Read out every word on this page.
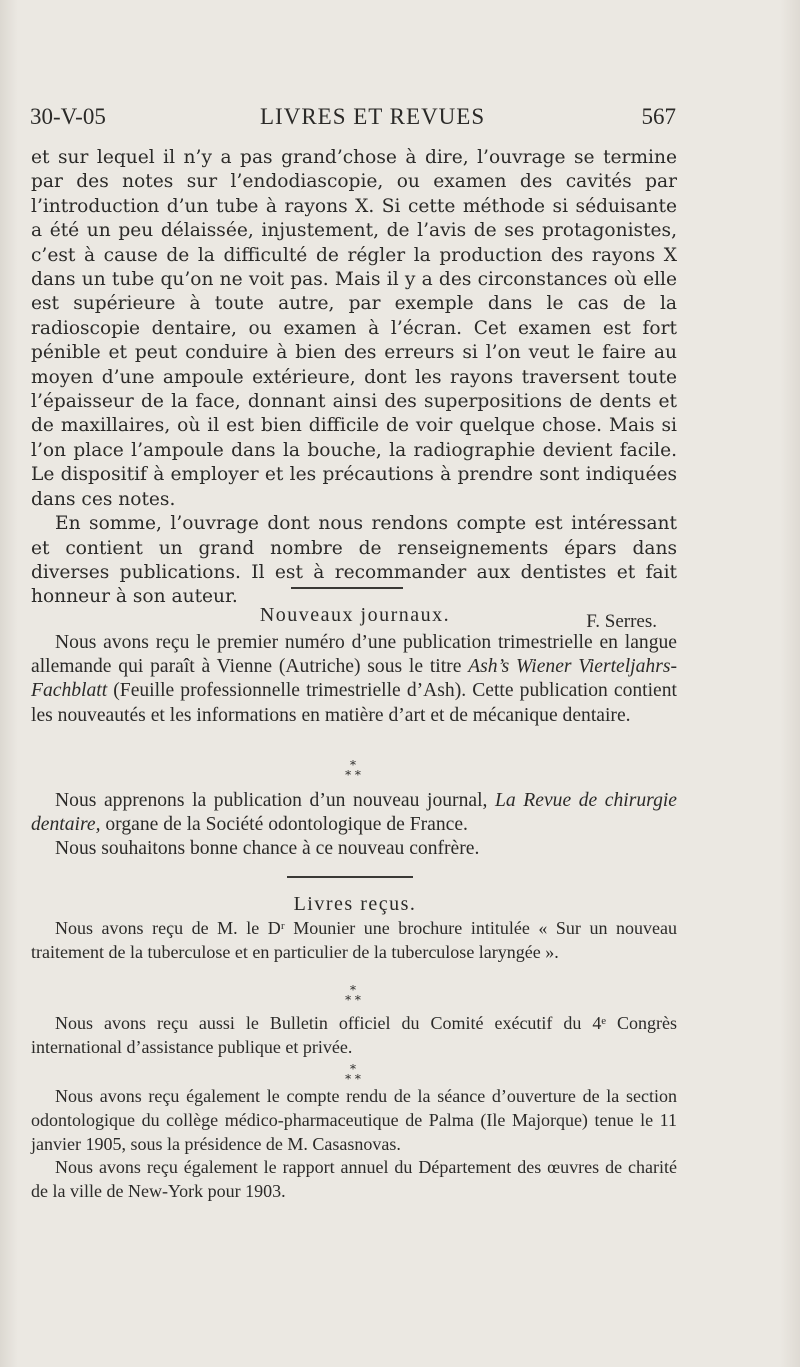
30-V-05	LIVRES ET REVUES	567

et sur lequel il n’y a pas grand’chose à dire, l’ouvrage se termine par des notes sur l’endodiascopie, ou examen des cavités par l’introduction d’un tube à rayons X. Si cette méthode si séduisante a été un peu délaissée, injustement, de l’avis de ses protagonistes, c’est à cause de la difficulté de régler la production des rayons X dans un tube qu’on ne voit pas. Mais il y a des circonstances où elle est supérieure à toute autre, par exemple dans le cas de la radioscopie dentaire, ou examen à l’écran. Cet examen est fort pénible et peut conduire à bien des erreurs si l’on veut le faire au moyen d’une ampoule extérieure, dont les rayons traversent toute l’épaisseur de la face, donnant ainsi des superpositions de dents et de maxillaires, où il est bien difficile de voir quelque chose. Mais si l’on place l’ampoule dans la bouche, la radiographie devient facile. Le dispositif à employer et les précautions à prendre sont indiquées dans ces notes.

En somme, l’ouvrage dont nous rendons compte est intéressant et contient un grand nombre de renseignements épars dans diverses publications. Il est à recommander aux dentistes et fait honneur à son auteur.

F. Serres.

Nouveaux journaux.

Nous avons reçu le premier numéro d’une publication trimestrielle en langue allemande qui paraît à Vienne (Autriche) sous le titre Ash’s Wiener Vierteljahrs-Fachblatt (Feuille professionnelle trimestrielle d’Ash). Cette publication contient les nouveautés et les informations en matière d’art et de mécanique dentaire.

*
* *

Nous apprenons la publication d’un nouveau journal, La Revue de chirurgie dentaire, organe de la Société odontologique de France.

Nous souhaitons bonne chance à ce nouveau confrère.

Livres reçus.

Nous avons reçu de M. le Dʳ Mounier une brochure intitulée « Sur un nouveau traitement de la tuberculose et en particulier de la tuberculose laryngée ».

*
* *

Nous avons reçu aussi le Bulletin officiel du Comité exécutif du 4ᵉ Congrès international d’assistance publique et privée.

*
* *

Nous avons reçu également le compte rendu de la séance d’ouverture de la section odontologique du collège médico-pharmaceutique de Palma (Ile Majorque) tenue le 11 janvier 1905, sous la présidence de M. Casasnovas.

Nous avons reçu également le rapport annuel du Département des œuvres de charité de la ville de New-York pour 1903.
